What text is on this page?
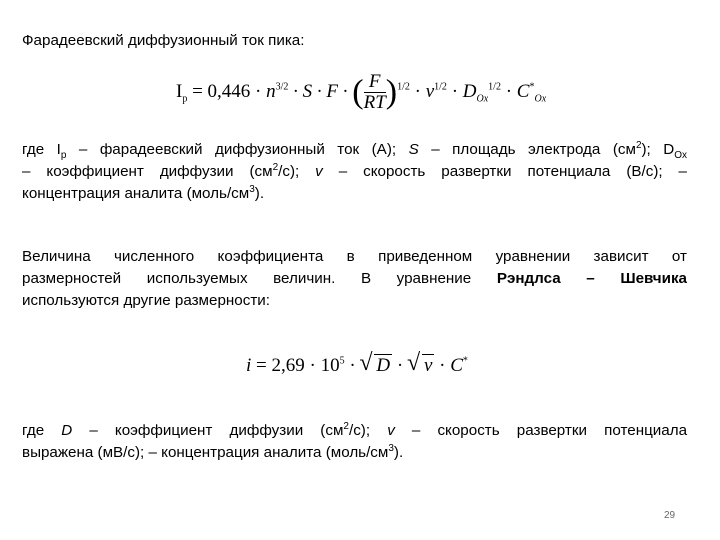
Фарадеевский диффузионный ток пика:

$I_p = 0,446 \cdot n^{3/2} \cdot S \cdot F$ · ( $\frac{F}{RT} )^{1/2} \cdot \nu^{1/2} \cdot D_{Ox}^{1/2} \cdot C^*_{Ox}$
где $I_p$ – фарадеевский диффузионный ток (А); S – площадь электрода $(см^2)$; $D_{Ox}$
– коэффициент диффузии $(см^2/с)$; v – скорость развертки потенциала (В/с); –
концентрация аналита $(моль/см^3)$.
Величина численного коэффициента в приведенном уравнении зависит от
размерностей используемых величин. В уравнение Рэндлса – Шевчика
используются другие размерности:
$i = 2,69 \cdot 10^5$ · √ D · √ ν · C*
где D – коэффициент диффузии $(см^2/с)$; v – скорость развертки потенциала
выражена (мВ/с); – концентрация аналита $(моль/см^3)$.
29
